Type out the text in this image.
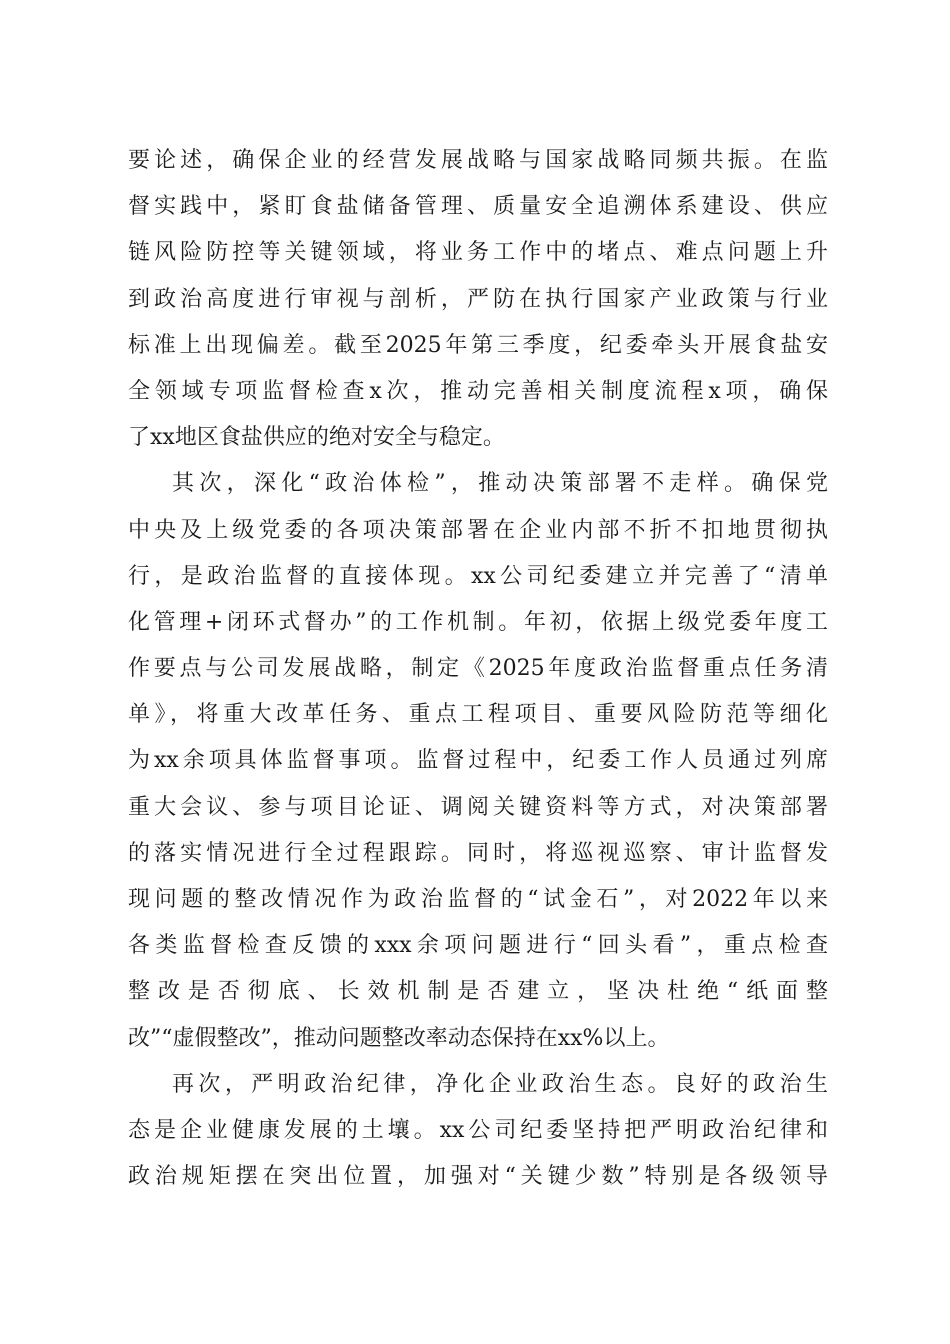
要论述，确保企业的经营发展战略与国家战略同频共振。在监
督实践中，紧盯食盐储备管理、质量安全追溯体系建设、供应
链风险防控等关键领域，将业务工作中的堵点、难点问题上升
到政治高度进行审视与剖析，严防在执行国家产业政策与行业
标准上出现偏差。截至2025年第三季度，纪委牵头开展食盐安
全领域专项监督检查x次，推动完善相关制度流程x项，确保
了xx地区食盐供应的绝对安全与稳定。
其次，深化“政治体检”，推动决策部署不走样。确保党
中央及上级党委的各项决策部署在企业内部不折不扣地贯彻执
行，是政治监督的直接体现。xx公司纪委建立并完善了“清单
化管理+闭环式督办”的工作机制。年初，依据上级党委年度工
作要点与公司发展战略，制定《2025年度政治监督重点任务清
单》，将重大改革任务、重点工程项目、重要风险防范等细化
为xx余项具体监督事项。监督过程中，纪委工作人员通过列席
重大会议、参与项目论证、调阅关键资料等方式，对决策部署
的落实情况进行全过程跟踪。同时，将巡视巡察、审计监督发
现问题的整改情况作为政治监督的“试金石”，对2022年以来
各类监督检查反馈的xxx余项问题进行“回头看”，重点检查
整改是否彻底、长效机制是否建立，坚决杜绝“纸面整
改”“虚假整改”，推动问题整改率动态保持在xx%以上。
再次，严明政治纪律，净化企业政治生态。良好的政治生
态是企业健康发展的土壤。xx公司纪委坚持把严明政治纪律和
政治规矩摆在突出位置，加强对“关键少数”特别是各级领导
